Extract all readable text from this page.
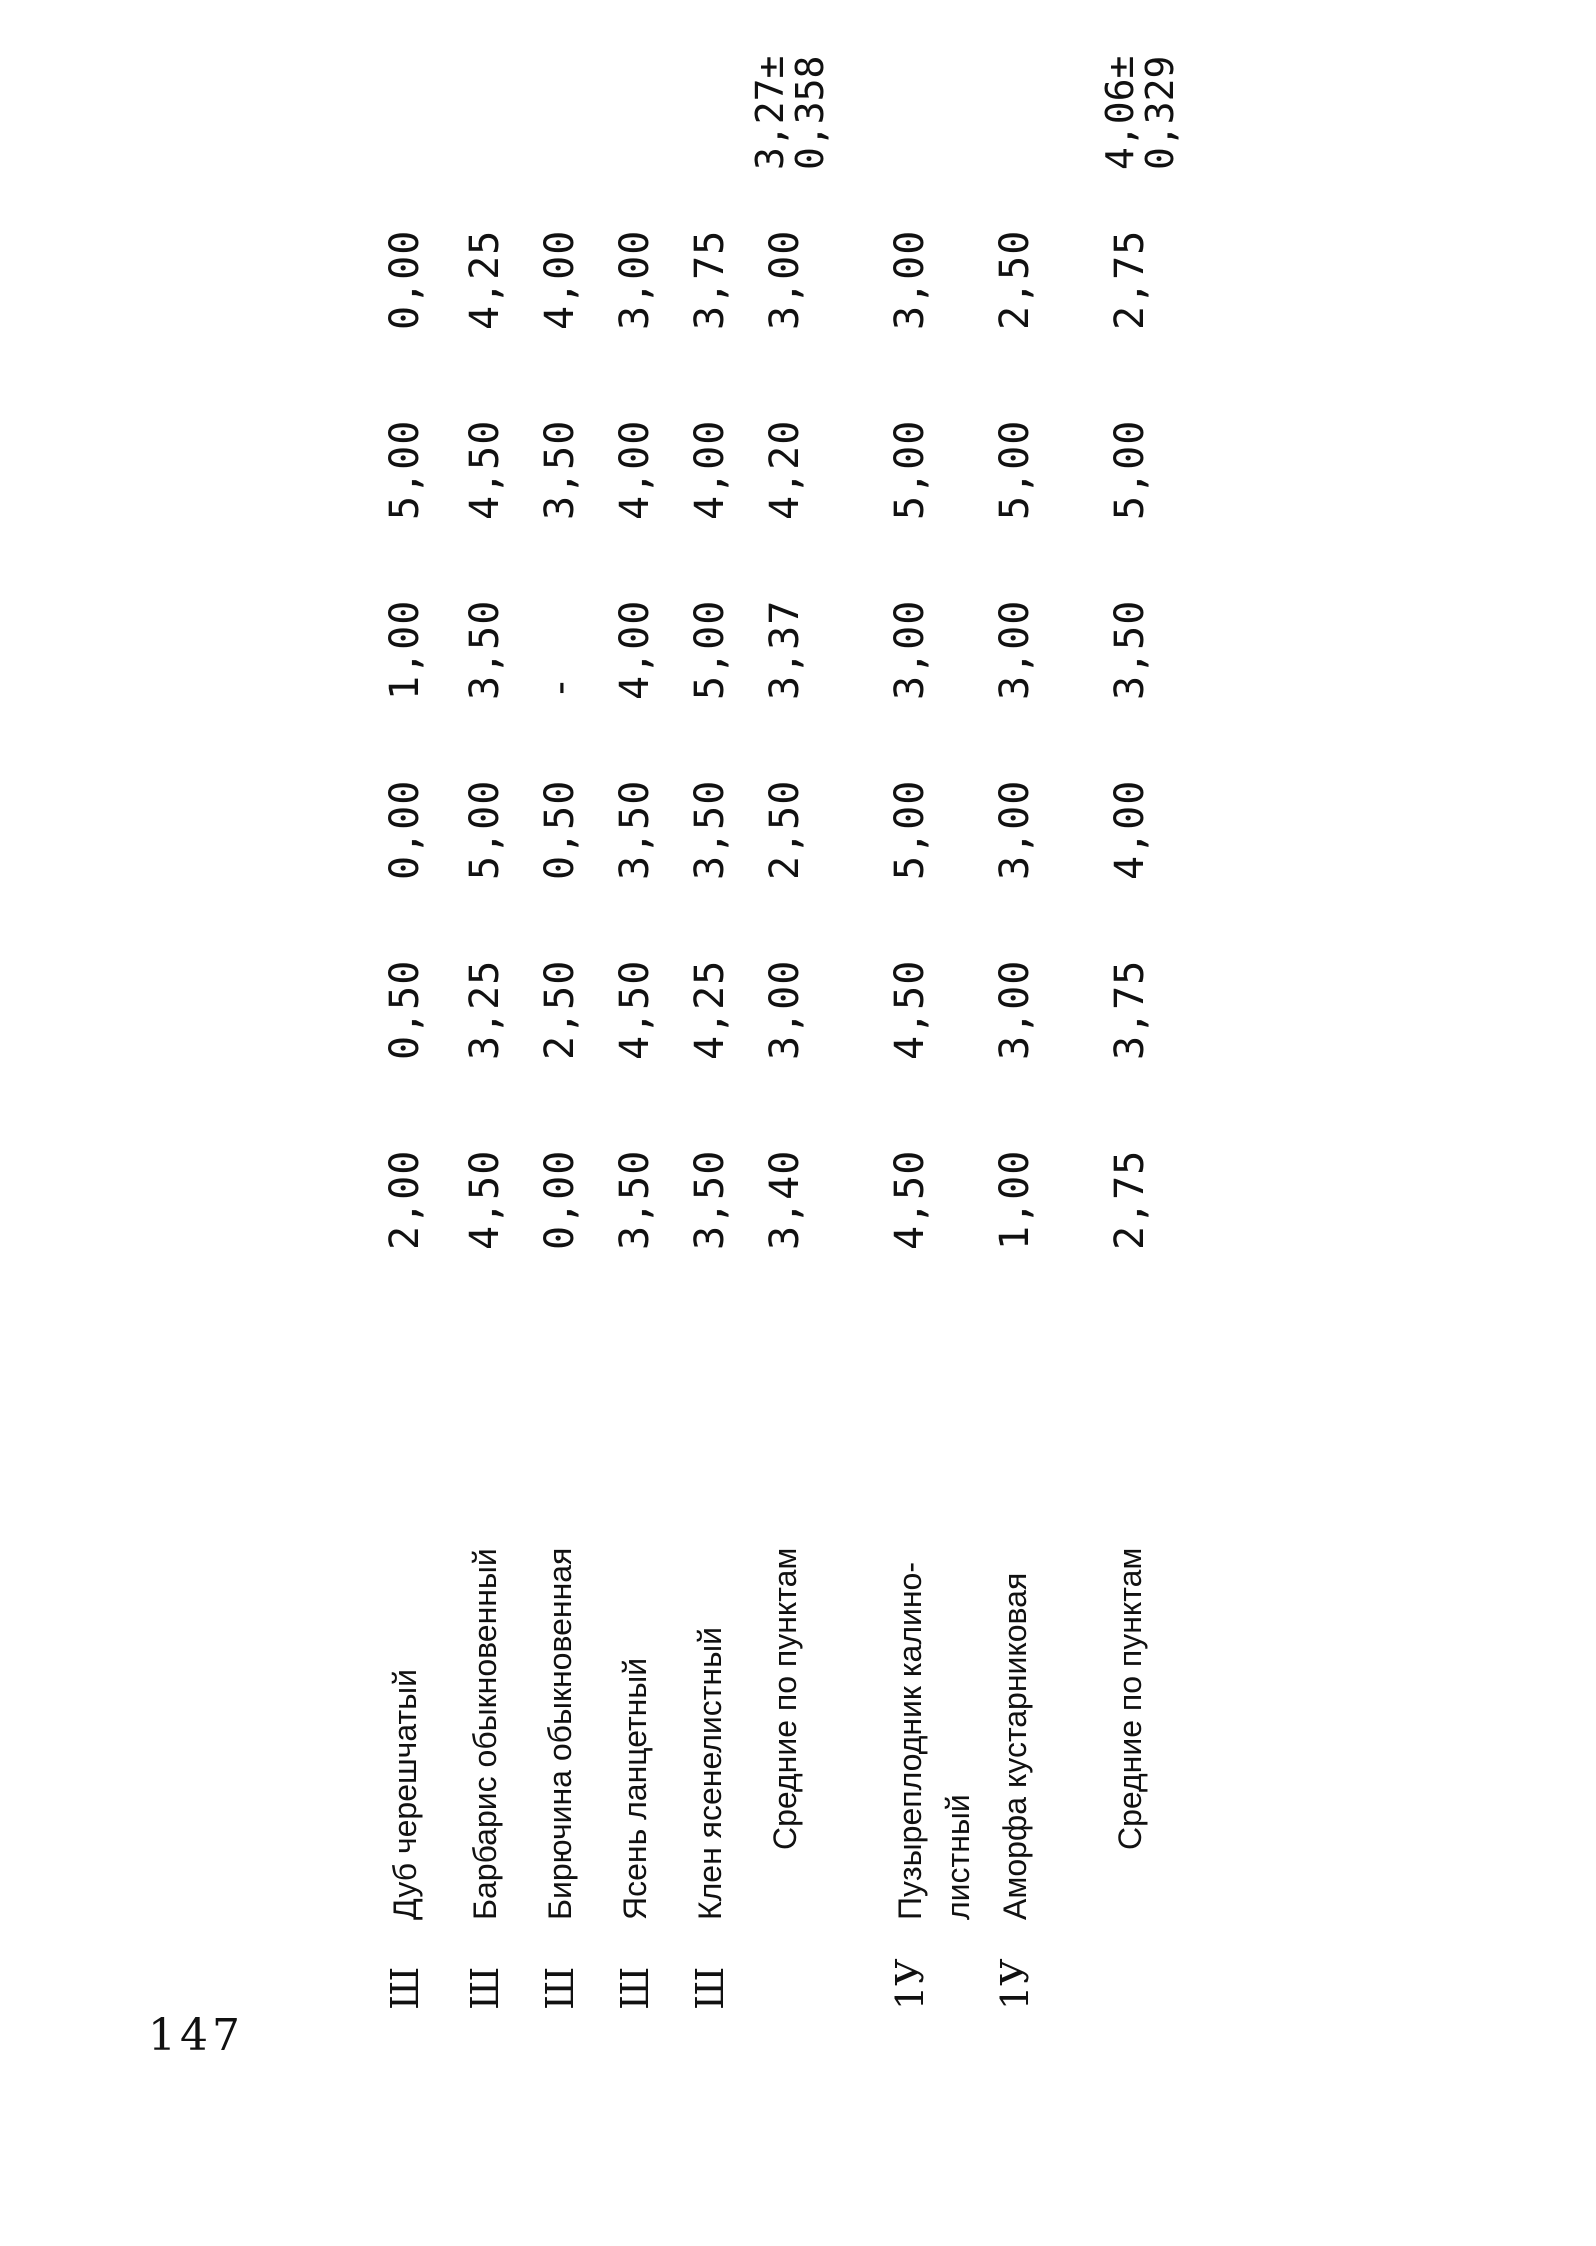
147
Ш
Дуб черешчатый
2,00
0,50
0,00
1,00
5,00
0,00
Ш
Барбарис обыкновенный
4,50
3,25
5,00
3,50
4,50
4,25
Ш
Бирючина обыкновенная
0,00
2,50
0,50
-
3,50
4,00
Ш
Ясень ланцетный
3,50
4,50
3,50
4,00
4,00
3,00
Ш
Клен ясенелистный
3,50
4,25
3,50
5,00
4,00
3,75
Средние по пунктам
3,40
3,00
2,50
3,37
4,20
3,00
3,27±
0,358
1У
Пузыреплодник калино- листный
4,50
4,50
5,00
3,00
5,00
3,00
1У
Аморфа кустарниковая
1,00
3,00
3,00
3,00
5,00
2,50
Средние по пунктам
2,75
3,75
4,00
3,50
5,00
2,75
4,06±
0,329
